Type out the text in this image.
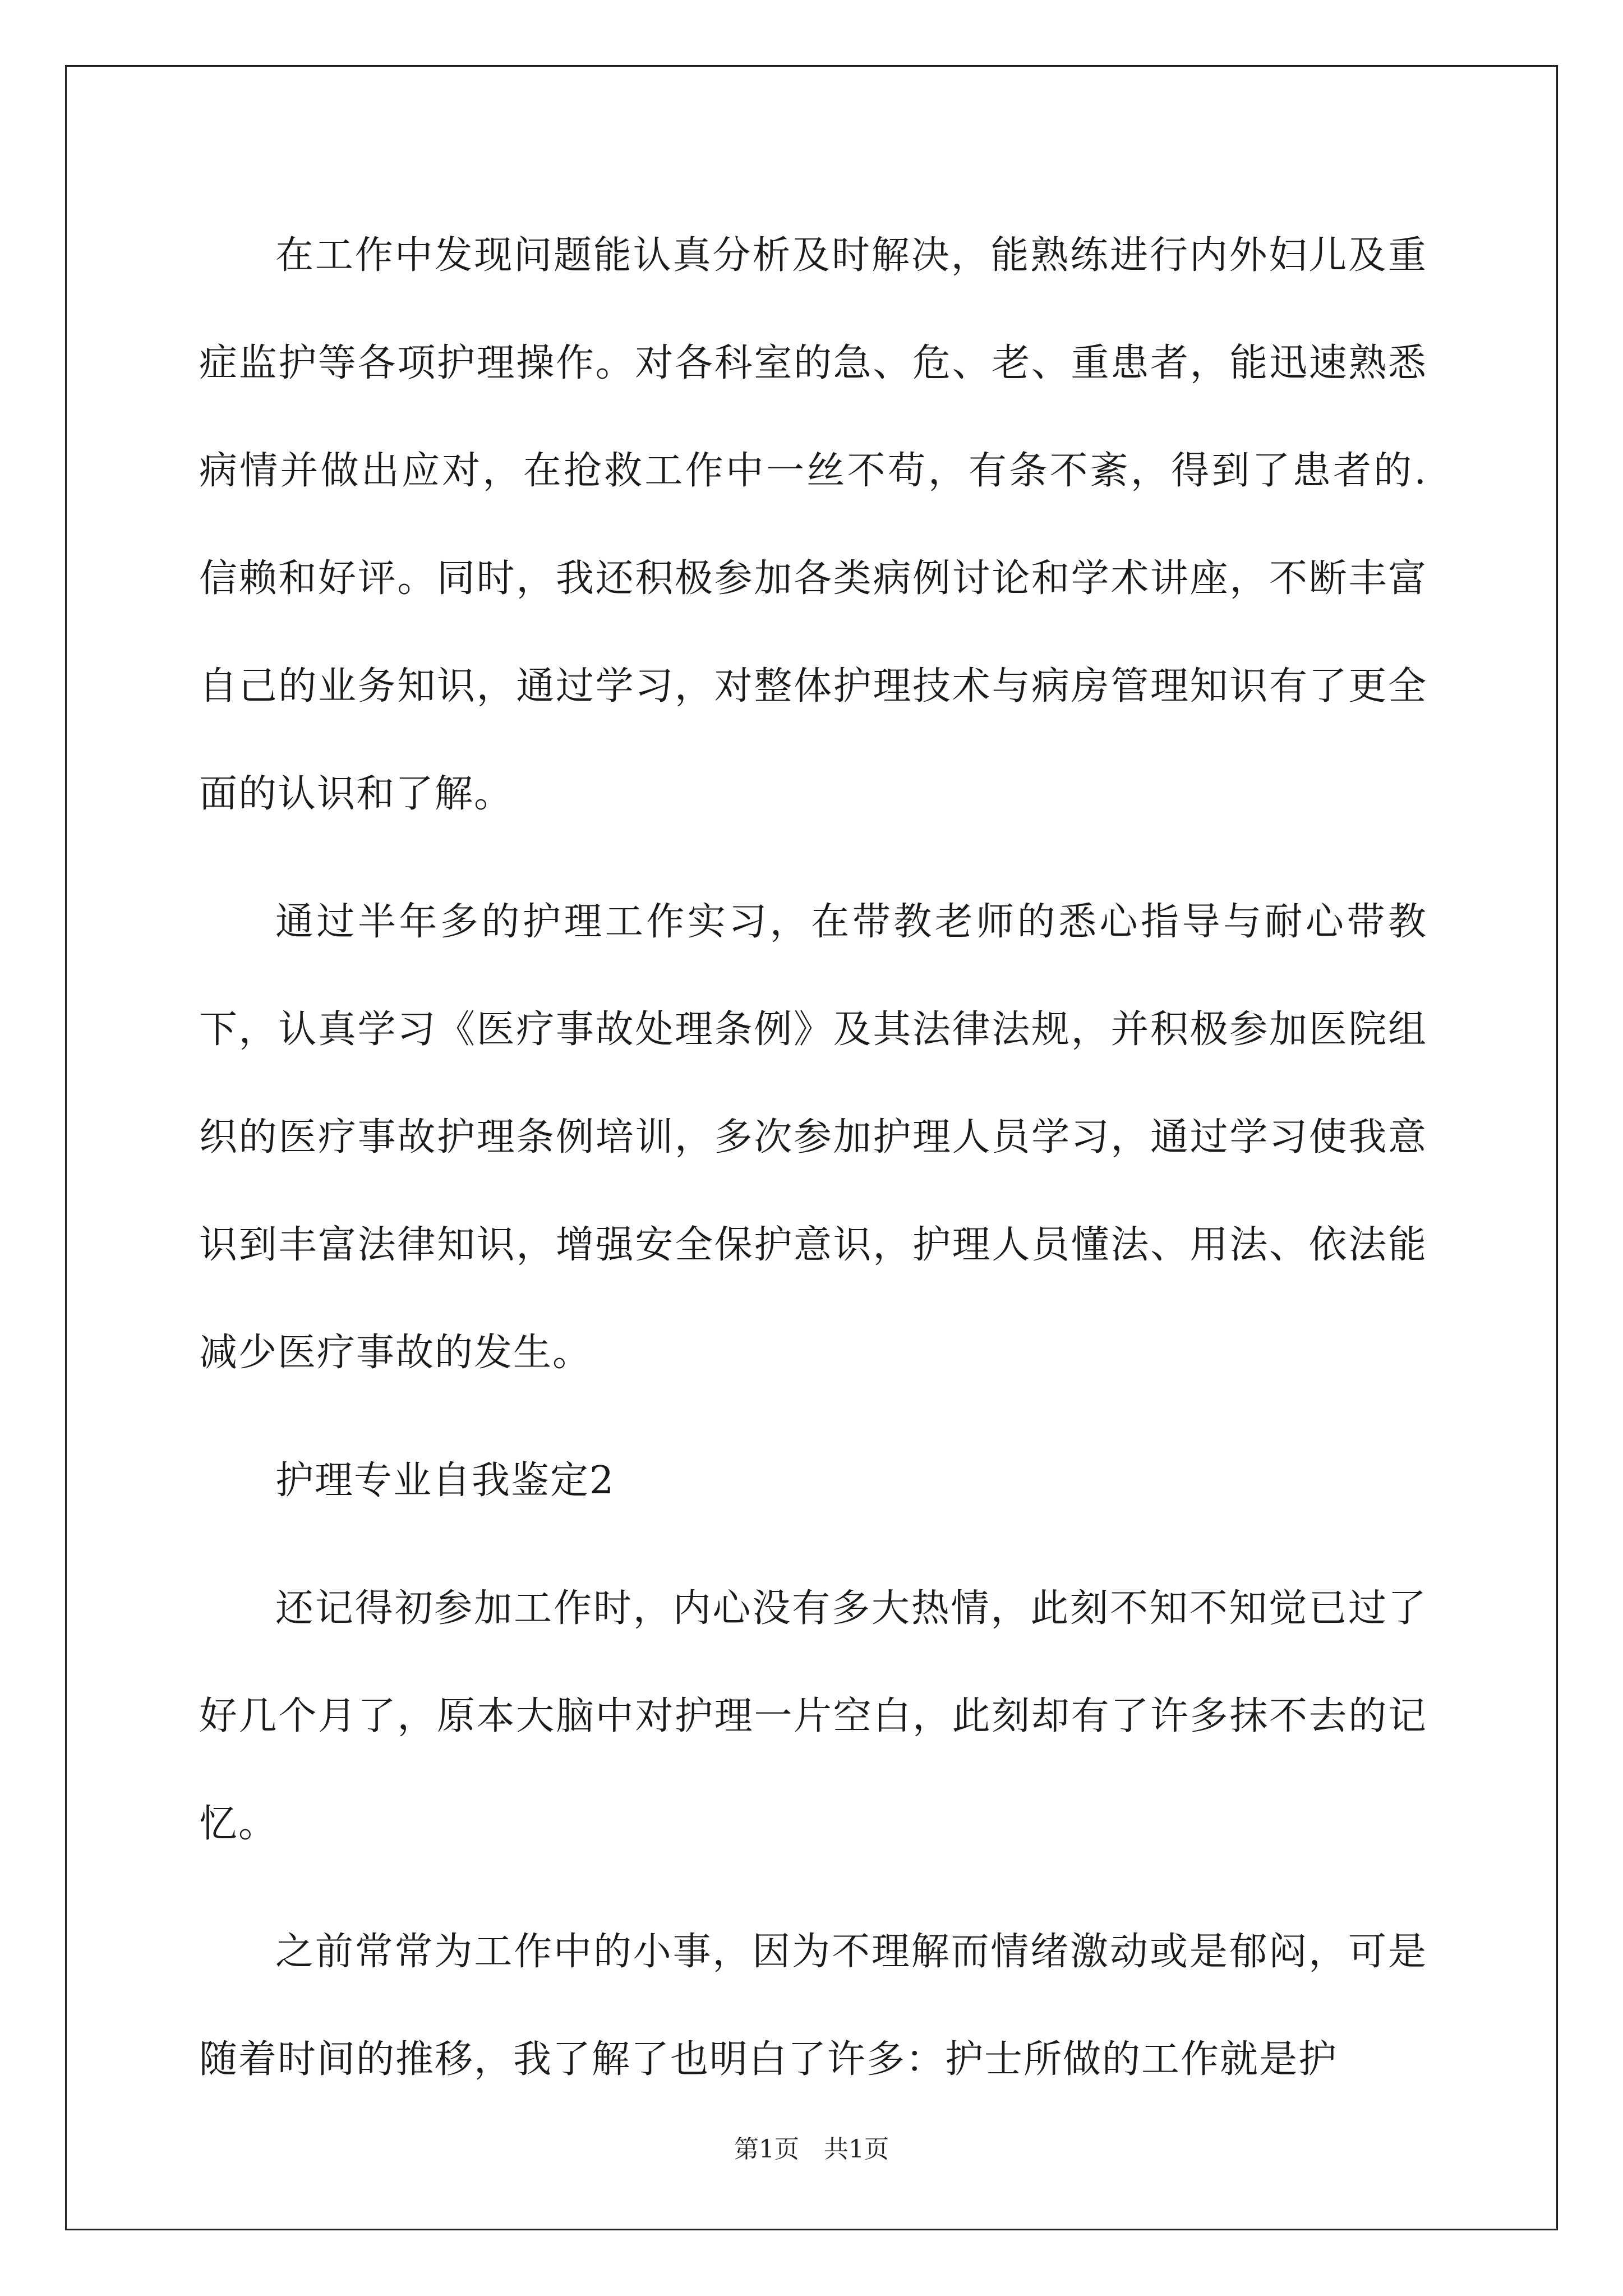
在工作中发现问题能认真分析及时解决，能熟练进行内外妇儿及重症监护等各项护理操作。对各科室的急、危、老、重患者，能迅速熟悉病情并做出应对，在抢救工作中一丝不苟，有条不紊，得到了患者的.信赖和好评。同时，我还积极参加各类病例讨论和学术讲座，不断丰富自己的业务知识，通过学习，对整体护理技术与病房管理知识有了更全面的认识和了解。

通过半年多的护理工作实习，在带教老师的悉心指导与耐心带教下，认真学习《医疗事故处理条例》及其法律法规，并积极参加医院组织的医疗事故护理条例培训，多次参加护理人员学习，通过学习使我意识到丰富法律知识，增强安全保护意识，护理人员懂法、用法、依法能减少医疗事故的发生。

护理专业自我鉴定2

还记得初参加工作时，内心没有多大热情，此刻不知不知觉已过了好几个月了，原本大脑中对护理一片空白，此刻却有了许多抹不去的记忆。

之前常常为工作中的小事，因为不理解而情绪激动或是郁闷，可是随着时间的推移，我了解了也明白了许多：护士所做的工作就是护

第1页 共1页
